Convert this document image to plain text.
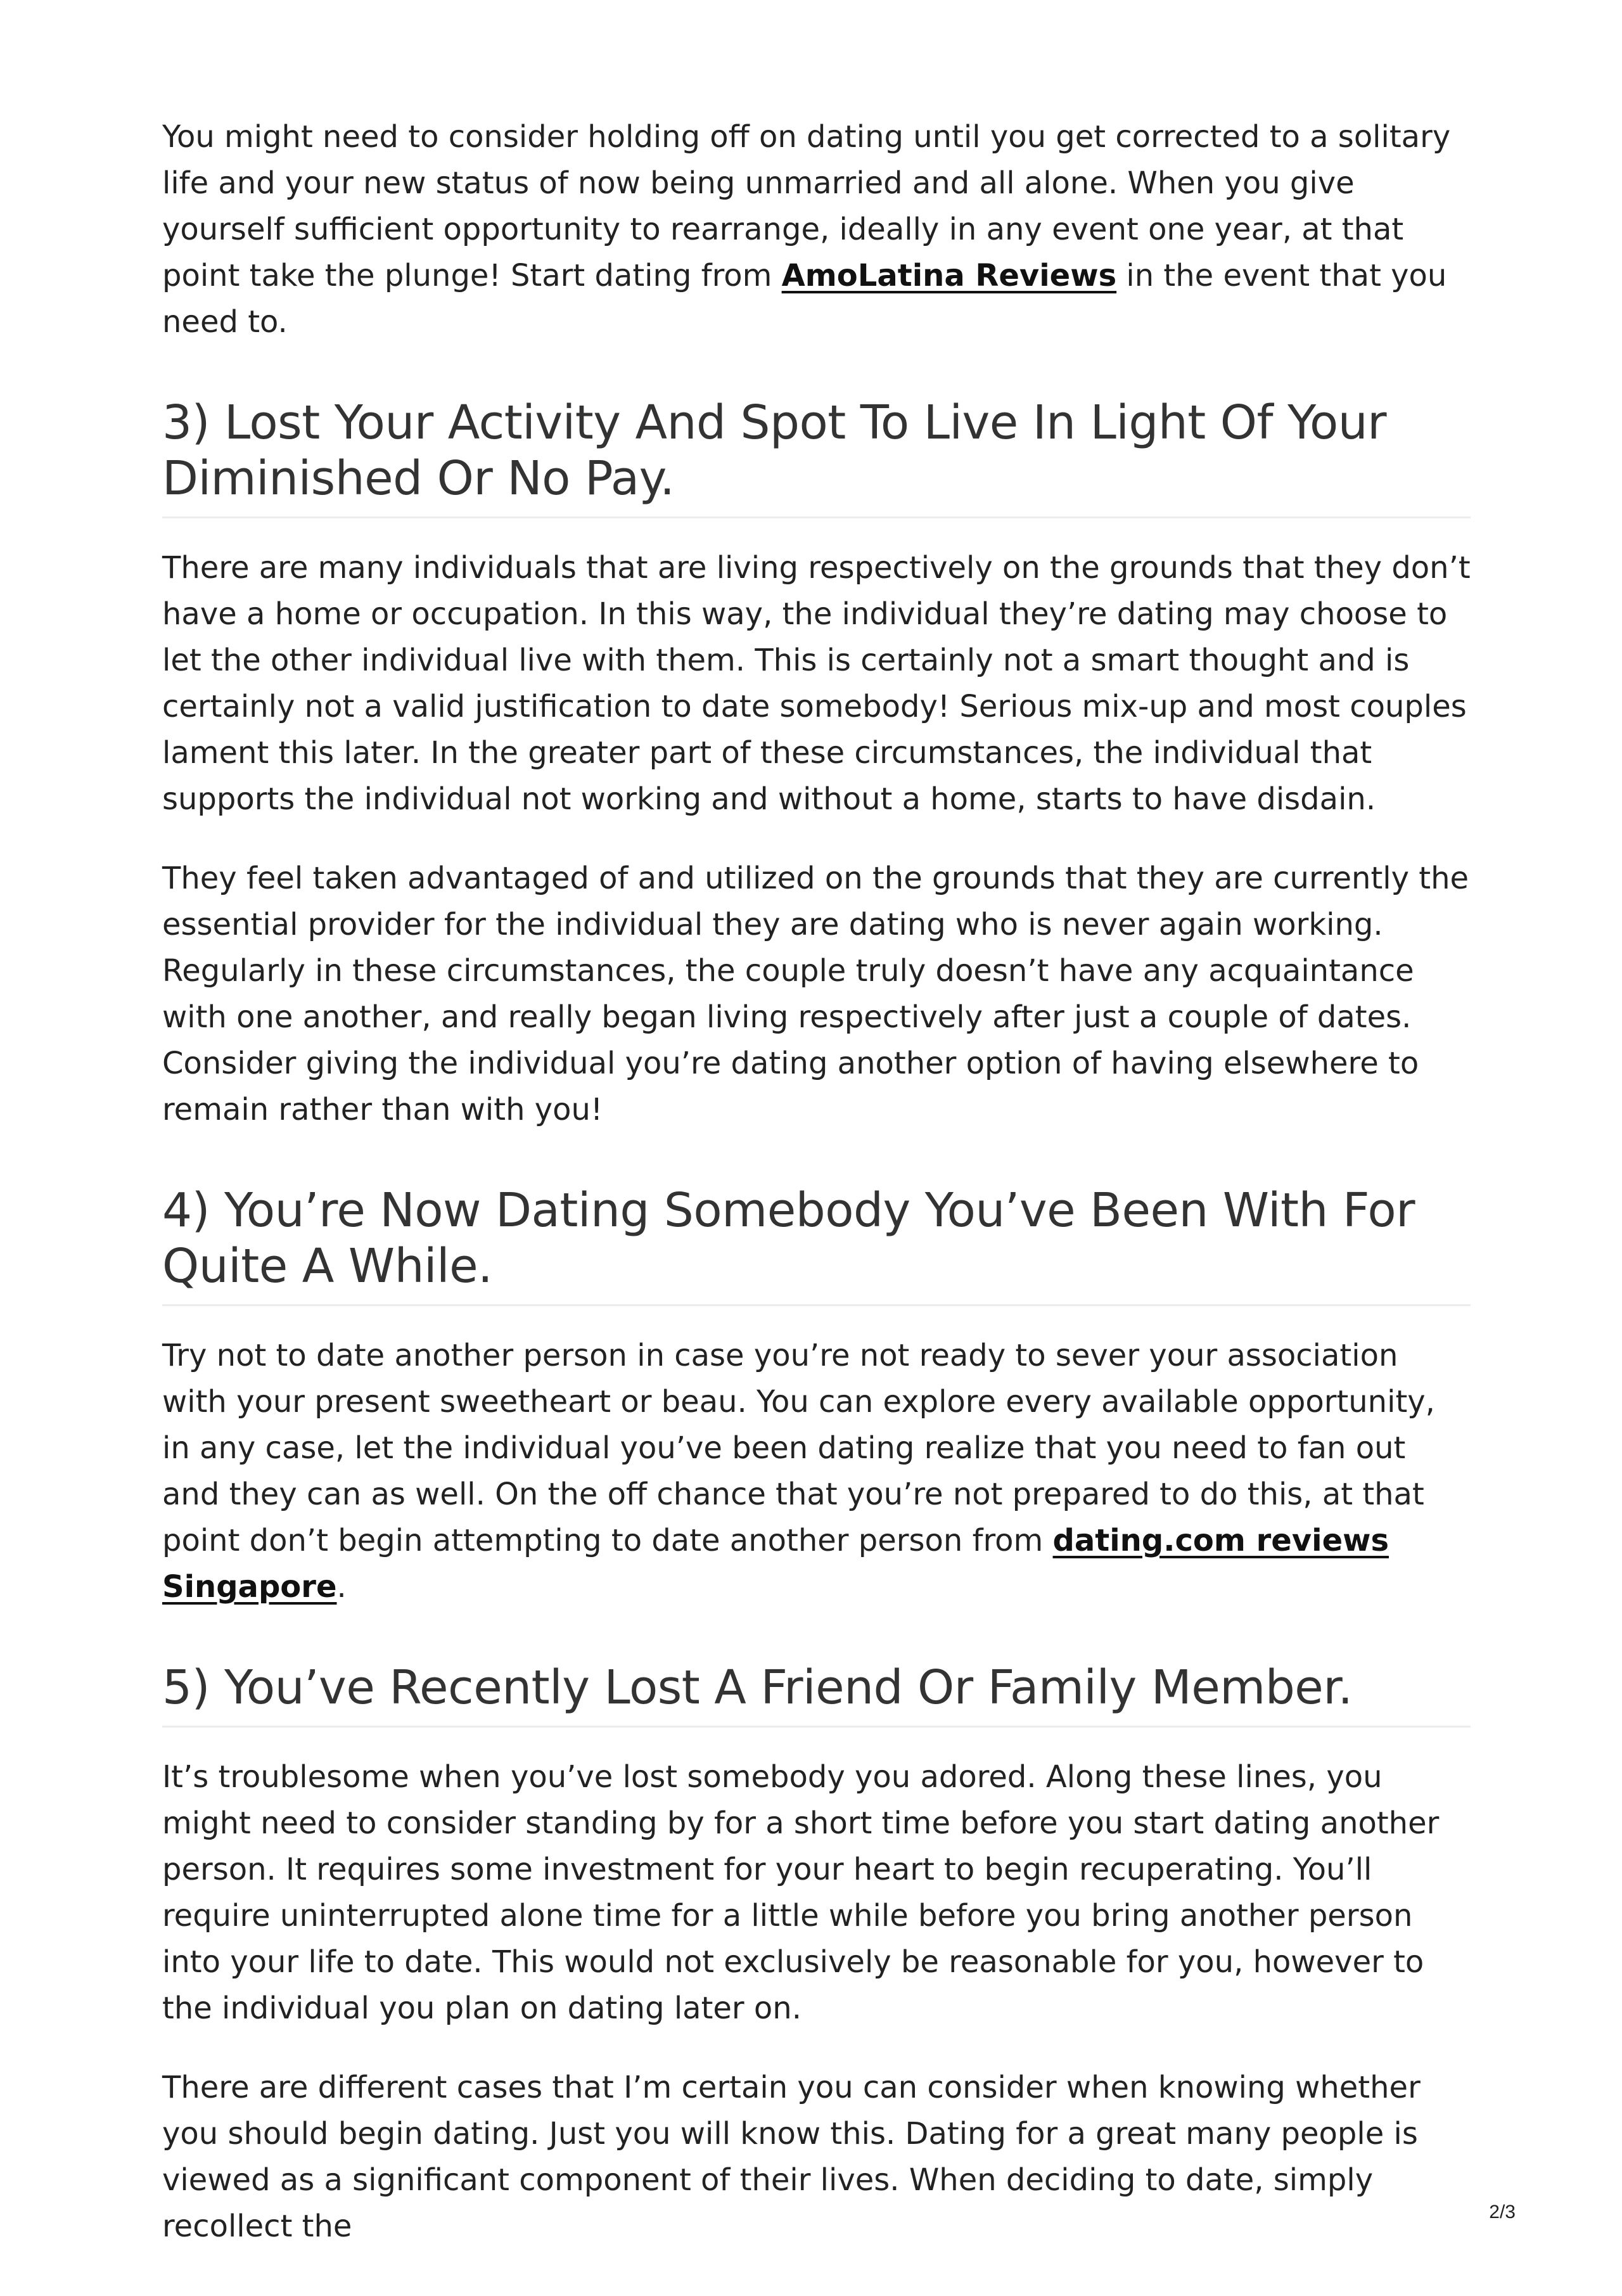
You might need to consider holding off on dating until you get corrected to a solitary life and your new status of now being unmarried and all alone. When you give yourself sufficient opportunity to rearrange, ideally in any event one year, at that point take the plunge! Start dating from AmoLatina Reviews in the event that you need to.

3) Lost Your Activity And Spot To Live In Light Of Your Diminished Or No Pay.

There are many individuals that are living respectively on the grounds that they don’t have a home or occupation. In this way, the individual they’re dating may choose to let the other individual live with them. This is certainly not a smart thought and is certainly not a valid justification to date somebody! Serious mix-up and most couples lament this later. In the greater part of these circumstances, the individual that supports the individual not working and without a home, starts to have disdain.

They feel taken advantaged of and utilized on the grounds that they are currently the essential provider for the individual they are dating who is never again working. Regularly in these circumstances, the couple truly doesn’t have any acquaintance with one another, and really began living respectively after just a couple of dates. Consider giving the individual you’re dating another option of having elsewhere to remain rather than with you!

4) You’re Now Dating Somebody You’ve Been With For Quite A While.

Try not to date another person in case you’re not ready to sever your association with your present sweetheart or beau. You can explore every available opportunity, in any case, let the individual you’ve been dating realize that you need to fan out and they can as well. On the off chance that you’re not prepared to do this, at that point don’t begin attempting to date another person from dating.com reviews Singapore.

5) You’ve Recently Lost A Friend Or Family Member.

It’s troublesome when you’ve lost somebody you adored. Along these lines, you might need to consider standing by for a short time before you start dating another person. It requires some investment for your heart to begin recuperating. You’ll require uninterrupted alone time for a little while before you bring another person into your life to date. This would not exclusively be reasonable for you, however to the individual you plan on dating later on.

There are different cases that I’m certain you can consider when knowing whether you should begin dating. Just you will know this. Dating for a great many people is viewed as a significant component of their lives. When deciding to date, simply recollect the	2/3
